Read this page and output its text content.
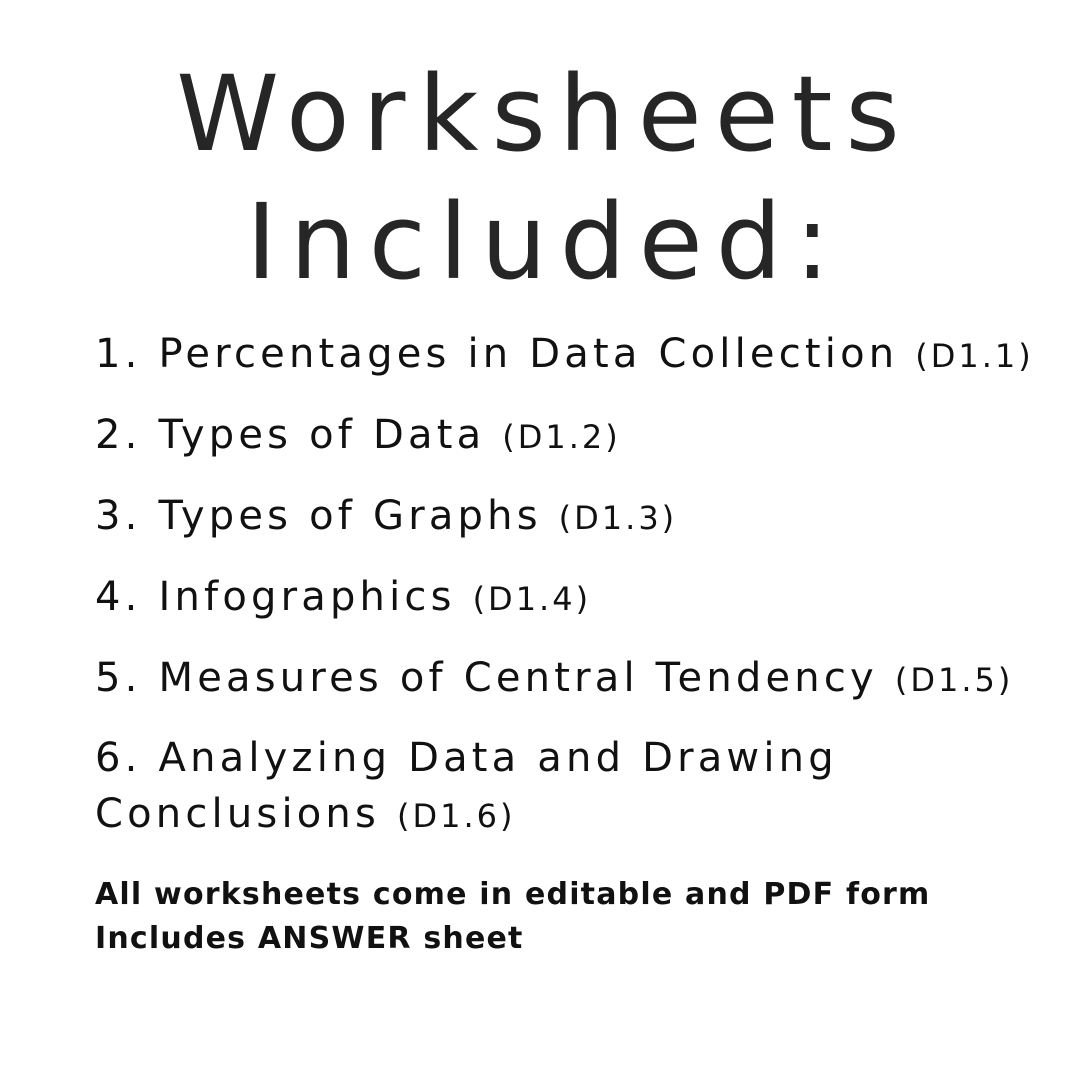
Worksheets
Included:
1. Percentages in Data Collection (D1.1)
2. Types of Data (D1.2)
3. Types of Graphs (D1.3)
4. Infographics (D1.4)
5. Measures of Central Tendency (D1.5)
6. Analyzing Data and Drawing Conclusions (D1.6)
All worksheets come in editable and PDF form
Includes ANSWER sheet
